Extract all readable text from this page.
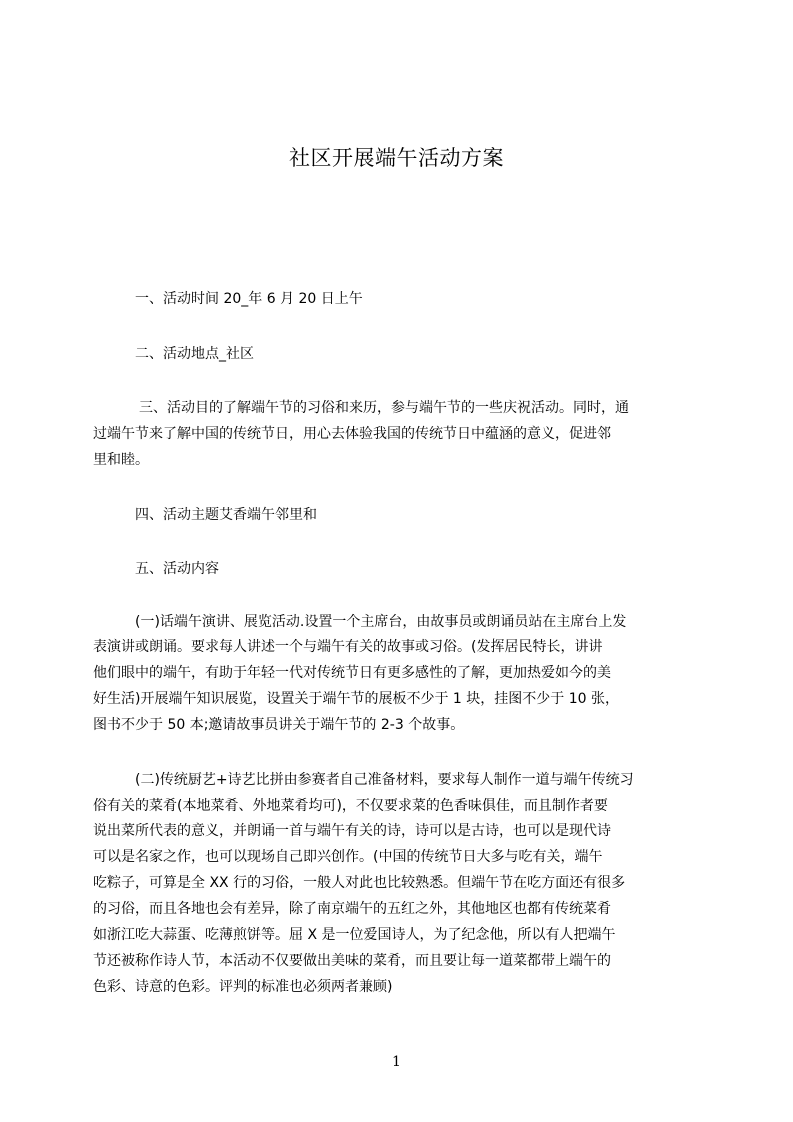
社区开展端午活动方案
一、活动时间 20_年 6 月 20 日上午
二、活动地点_社区
三、活动目的了解端午节的习俗和来历，参与端午节的一些庆祝活动。同时，通
过端午节来了解中国的传统节日，用心去体验我国的传统节日中蕴涵的意义，促进邻
里和睦。
四、活动主题艾香端午邻里和
五、活动内容
(一)话端午演讲、展览活动.设置一个主席台，由故事员或朗诵员站在主席台上发
表演讲或朗诵。要求每人讲述一个与端午有关的故事或习俗。(发挥居民特长，讲讲
他们眼中的端午，有助于年轻一代对传统节日有更多感性的了解，更加热爱如今的美
好生活)开展端午知识展览，设置关于端午节的展板不少于 1 块，挂图不少于 10 张，
图书不少于 50 本;邀请故事员讲关于端午节的 2-3 个故事。
(二)传统厨艺+诗艺比拼由参赛者自己准备材料，要求每人制作一道与端午传统习
俗有关的菜肴(本地菜肴、外地菜肴均可)，不仅要求菜的色香味俱佳，而且制作者要
说出菜所代表的意义，并朗诵一首与端午有关的诗，诗可以是古诗，也可以是现代诗
可以是名家之作，也可以现场自己即兴创作。(中国的传统节日大多与吃有关，端午
吃粽子，可算是全 XX 行的习俗，一般人对此也比较熟悉。但端午节在吃方面还有很多
的习俗，而且各地也会有差异，除了南京端午的五红之外，其他地区也都有传统菜肴
如浙江吃大蒜蛋、吃薄煎饼等。屈 X 是一位爱国诗人，为了纪念他，所以有人把端午
节还被称作诗人节，本活动不仅要做出美味的菜肴，而且要让每一道菜都带上端午的
色彩、诗意的色彩。评判的标准也必须两者兼顾)
1
